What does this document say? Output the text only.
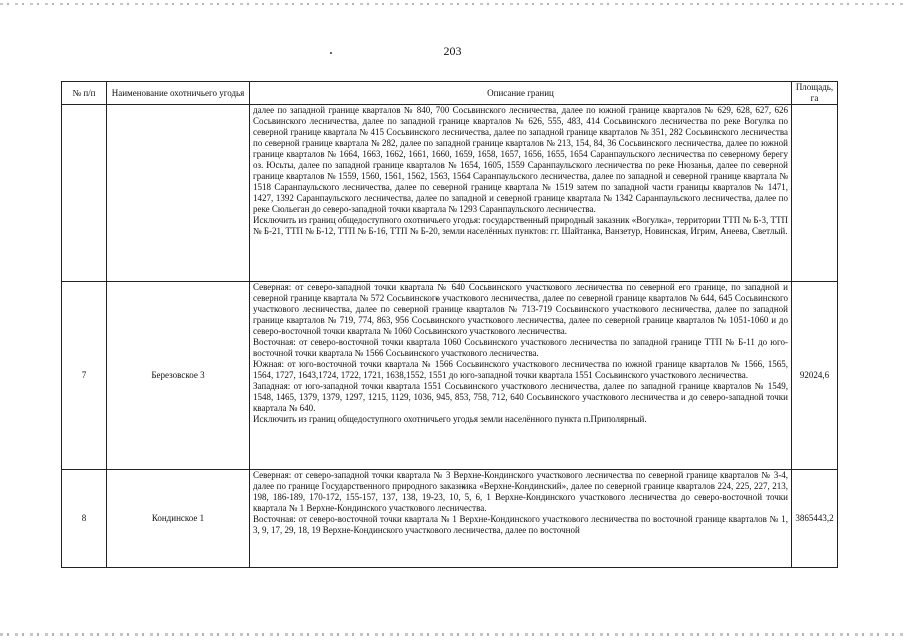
203
№ п/п	Наименование охотничьего угодья	Описание границ	Площадь, га

		далее по западной границе кварталов № 840, 700 Сосьвинского лесничества, далее по южной границе кварталов № 629, 628, 627, 626 Сосьвинского лесничества, далее по западной границе кварталов № 626, 555, 483, 414 Сосьвинского лесничества по реке Вогулка по северной границе квартала № 415 Сосьвинского лесничества, далее по западной границе кварталов № 351, 282 Сосьвинского лесничества по северной границе квартала № 282, далее по западной границе кварталов № 213, 154, 84, 36 Сосьвинского лесничества, далее по южной границе кварталов № 1664, 1663, 1662, 1661, 1660, 1659, 1658, 1657, 1656, 1655, 1654 Саранпаульского лесничества по северному берегу оз. Юсьты, далее по западной границе кварталов № 1654, 1605, 1559 Саранпаульского лесничества по реке Нюзанья, далее по северной границе кварталов № 1559, 1560, 1561, 1562, 1563, 1564 Саранпаульского лесничества, далее по западной и северной границе квартала № 1518 Саранпаульского лесничества, далее по северной границе квартала № 1519 затем по западной части границы кварталов № 1471, 1427, 1392 Саранпаульского лесничества, далее по западной и северной границе квартала № 1342 Саранпаульского лесничества, далее по реке Сюльеган до северо-западной точки квартала № 1293 Саранпаульского лесничества.

Исключить из границ общедоступного охотничьего угодья: государственный природный заказник «Вогулка», территории ТТП № Б-3, ТТП № Б-21, ТТП № Б-12, ТТП № Б-16, ТТП № Б-20, земли населённых пунктов: гг. Шайтанка, Ванзетур, Новинская, Игрим, Анеева, Светлый.	

7	Березовское 3	Северная: от северо-западной точки квартала № 640 Сосьвинского участкового лесничества по северной его границе, по западной и северной границе квартала № 572 Сосьвинского участкового лесничества, далее по северной границе кварталов № 644, 645 Сосьвинского участкового лесничества, далее по северной границе кварталов № 713-719 Сосьвинского участкового лесничества, далее по западной границе кварталов № 719, 774, 863, 956 Сосьвинского участкового лесничества, далее по северной границе кварталов № 1051-1060 и до северо-восточной точки квартала № 1060 Сосьвинского участкового лесничества.

Восточная: от северо-восточной точки квартала 1060 Сосьвинского участкового лесничества по западной границе ТТП № Б-11 до юго-восточной точки квартала № 1566 Сосьвинского участкового лесничества.

Южная: от юго-восточной точки квартала № 1566 Сосьвинского участкового лесничества по южной границе кварталов № 1566, 1565, 1564, 1727, 1643,1724, 1722, 1721, 1638,1552, 1551 до юго-западной точки квартала 1551 Сосьвинского участкового лесничества.

Западная: от юго-западной точки квартала 1551 Сосьвинского участкового лесничества, далее по западной границе кварталов № 1549, 1548, 1465, 1379, 1379, 1297, 1215, 1129, 1036, 945, 853, 758, 712, 640 Сосьвинского участкового лесничества и до северо-западной точки квартала № 640.

Исключить из границ общедоступного охотничьего угодья земли населённого пункта п.Приполярный.	92024,6
8	Кондинское 1	Северная: от северо-западной точки квартала № 3 Верхне-Кондинского участкового лесничества по северной границе кварталов № 3-4, далее по границе Государственного природного заказника «Верхне-Кондинский», далее по северной границе кварталов 224, 225, 227, 213, 198, 186-189, 170-172, 155-157, 137, 138, 19-23, 10, 5, 6, 1 Верхне-Кондинского участкового лесничества до северо-восточной точки квартала № 1 Верхне-Кондинского участкового лесничества.

Восточная: от северо-восточной точки квартала № 1 Верхне-Кондинского участкового лесничества по восточной границе кварталов № 1, 3, 9, 17, 29, 18, 19 Верхне-Кондинского участкового лесничества, далее по восточной	3865443,2
